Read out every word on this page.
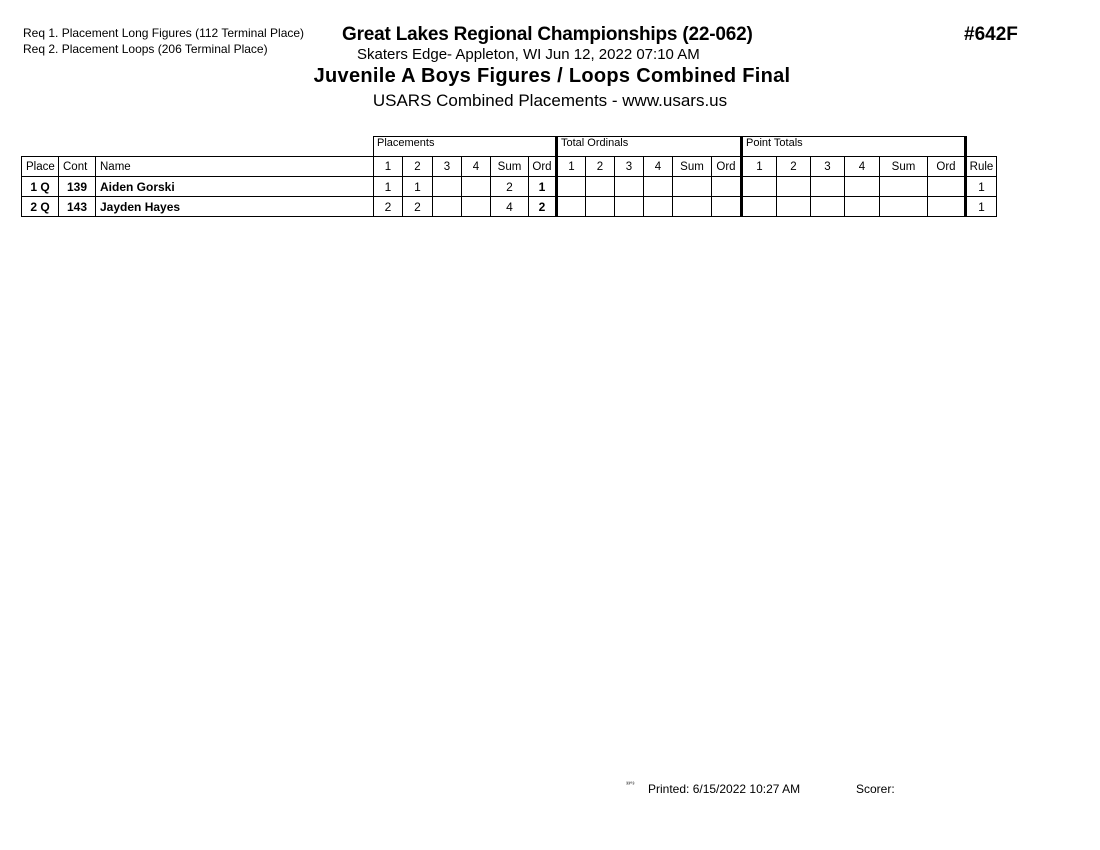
Req 1. Placement Long Figures (112 Terminal Place)
Req 2. Placement Loops (206 Terminal Place)
Great Lakes Regional Championships (22-062)	#642F
Skaters Edge- Appleton, WI Jun 12, 2022 07:10 AM
Juvenile A Boys Figures / Loops Combined Final
USARS Combined Placements - www.usars.us
			Placements						Total Ordinals						Point Totals						
Place	Cont	Name	1	2	3	4	Sum	Ord	1	2	3	4	Sum	Ord	1	2	3	4	Sum	Ord	Rule
1 Q	139	Aiden Gorski	1	1			2	1													1
2 Q	143	Jayden Hayes	2	2			4	2													1
³³°³ Printed: 6/15/2022 10:27 AM	Scorer:
